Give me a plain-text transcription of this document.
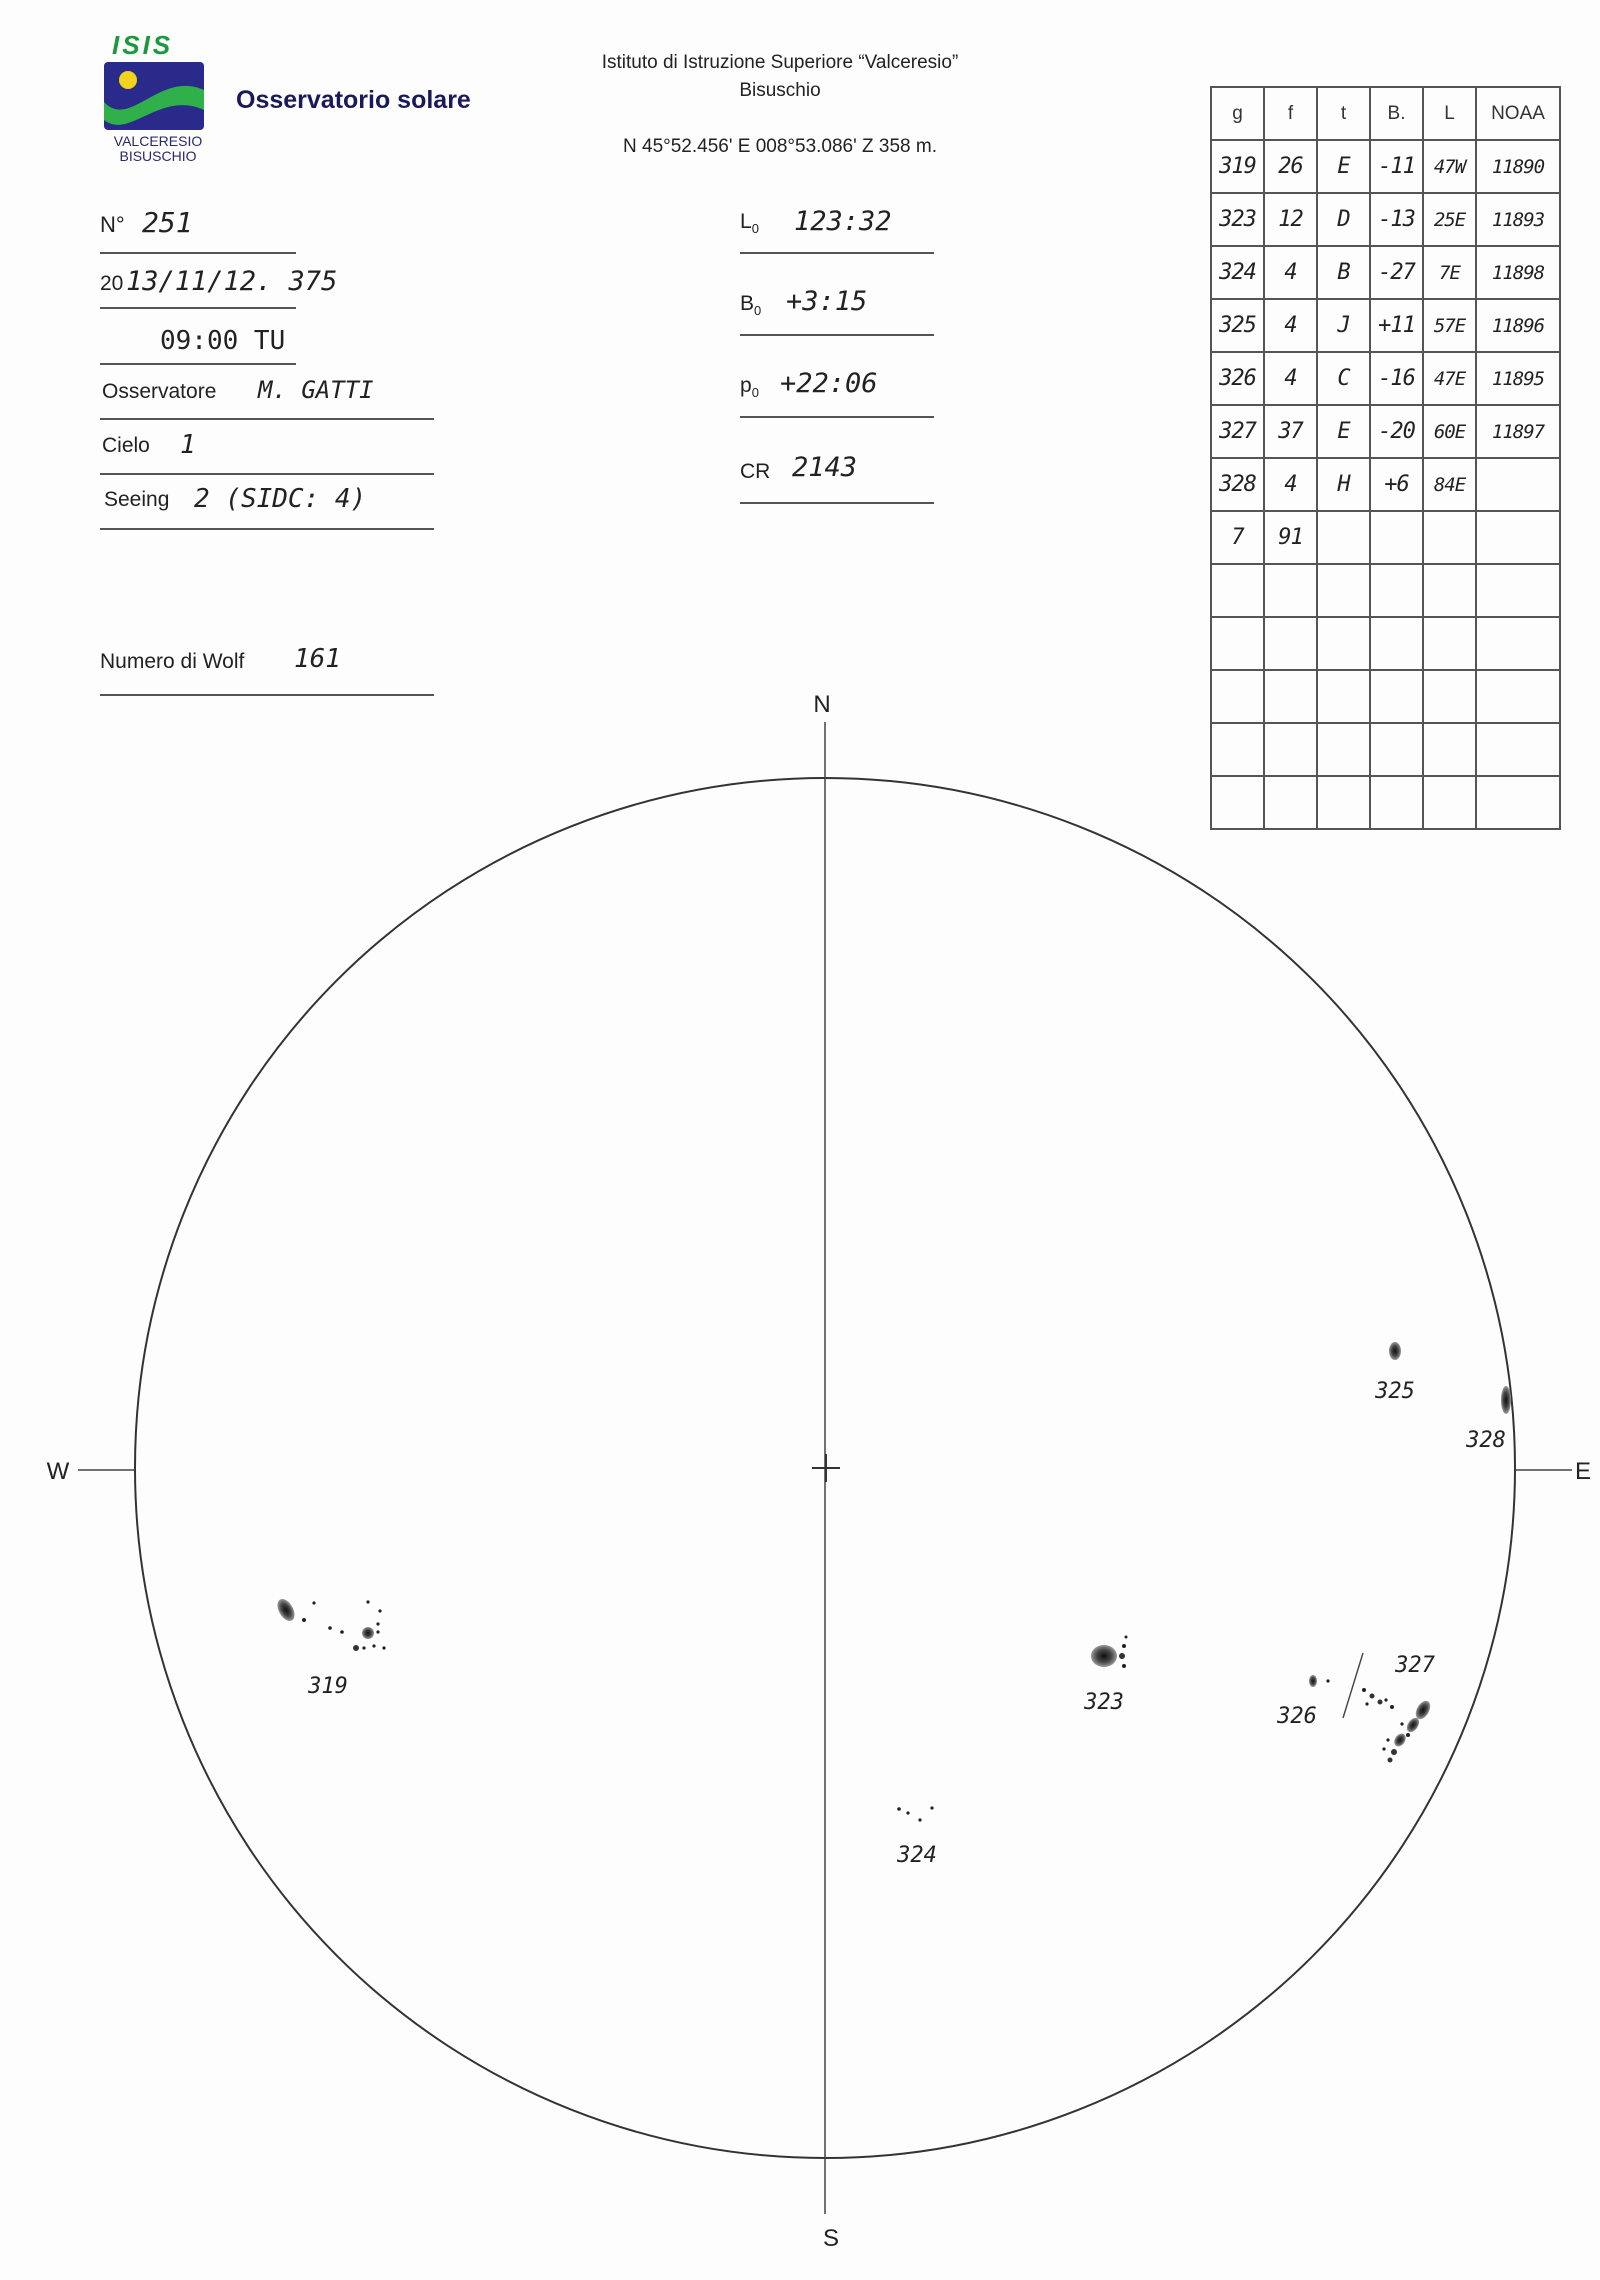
ISIS
VALCERESIO
BISUSCHIO
Osservatorio solare
Istituto di Istruzione Superiore “Valceresio”
Bisuschio
N 45°52.456' E 008°53.086' Z 358 m.
N° 251
20 13/11/12. 375
09:00 TU
Osservatore M. GATTI
Cielo 1
Seeing 2 (SIDC: 4)
Numero di Wolf 161
$L_0$ 123:32
$B_0$ +3:15
$p_0$ +22:06
CR 2143
g	f	t	B.	L	NOAA
319	26	E	-11	47W	11890
323	12	D	-13	25E	11893
324	4	B	-27	7E	11898
325	4	J	+11	57E	11896
326	4	C	-16	47E	11895
327	37	E	-20	60E	11897
328	4	H	+6	84E	
7	91				

N
S
W	E
319
323
324
325
328
326
327
